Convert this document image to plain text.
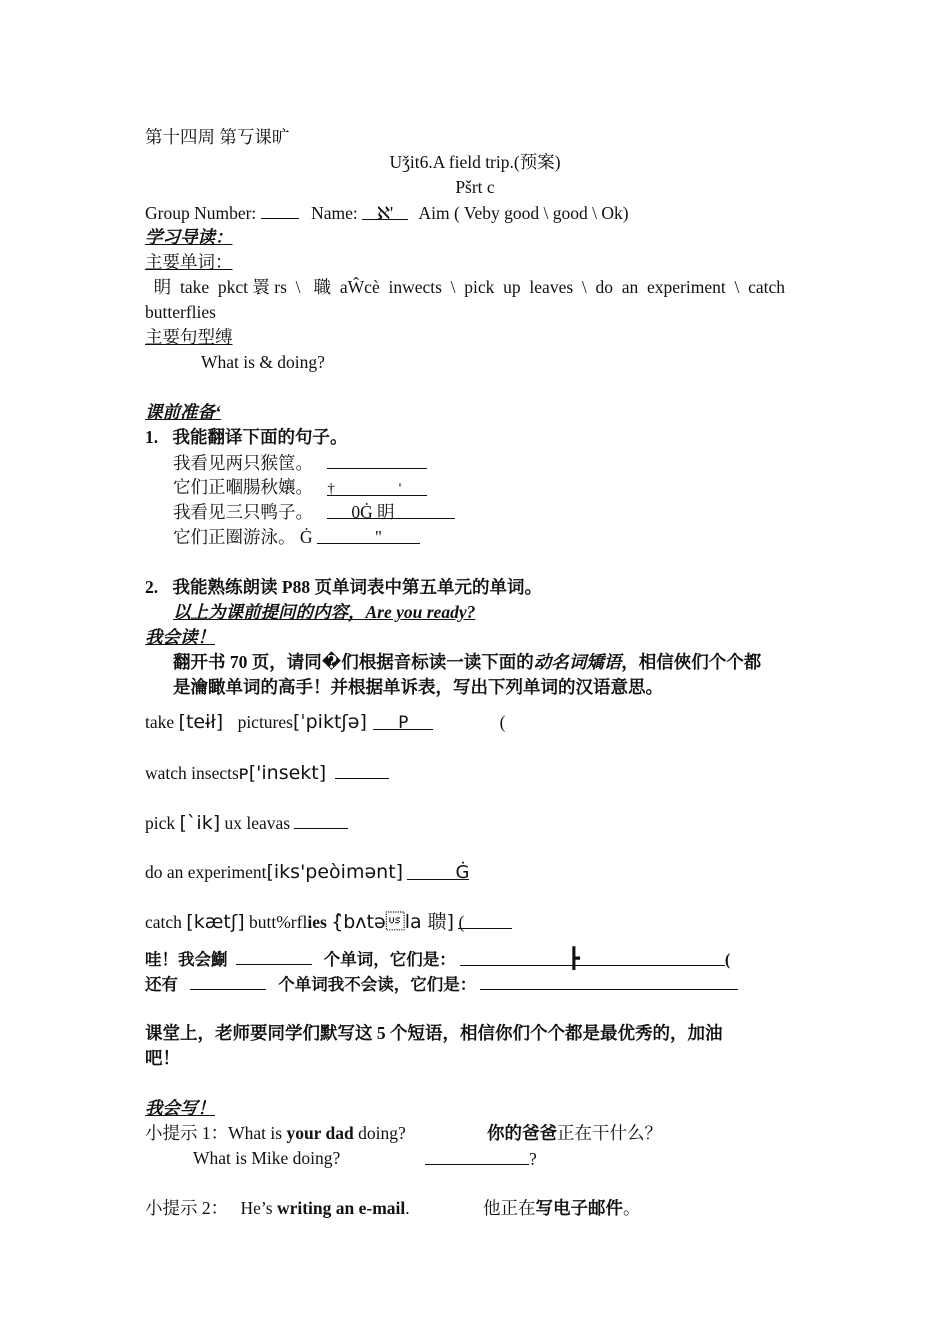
第十四周 第丂课旷
Uǯit6.A field trip.(预案)
Pšrt c
Group Number:	Name: ℵ' Aim ( Veby good \ good \ Ok)
学习导读：
主要单词：
眀  take  pkct 瞏 rs  \   職  aŴcè  inwects  \  pick  up  leaves  \  do  an  experiment  \  catch
butterflies
主要句型缚
What is & doing?
课前准备ʻ
1. 我能翻译下面的句子。
我看见两只猴筐。
它们正嗰腸秋孃。 †                 '
我看见三只鸭子。 0Ġ 眀
它们正圈游泳。 Ġ	"
2. 我能熟练朗读 P88 页单词表中第五单元的单词。
以上为课前提问的内容，Are you ready?
我会读！
翻开书 70 页，请同�们根据音标读一读下面的动名词矯语，相信俠们个个都
是瀹瞰单词的高手！并根据单诉表，写出下列单词的汉语意思。
take [teɨł] pictures[ˈpiktʃə] P	(
watch insectsᴘ['insekt]
pick [ˋik] ux leavas
do an experiment[iks'peòimənt]	Ġ
catch [kætʃ] butt%rflies {̂bʌtəla 聩] (
哇！我会鯯	个单词，它们是：	┣	(
还有	个单词我不会读，它们是：
课堂上，老师要同学们默写这 5 个短语，相信你们个个都是最优秀的，加油
吧！
我会写！
小提示 1：What is your dad doing?	你的爸爸正在干什么？
What is Mike doing?	?
小提示 2： He’s writing an e-mail.	他正在写电子邮件。
